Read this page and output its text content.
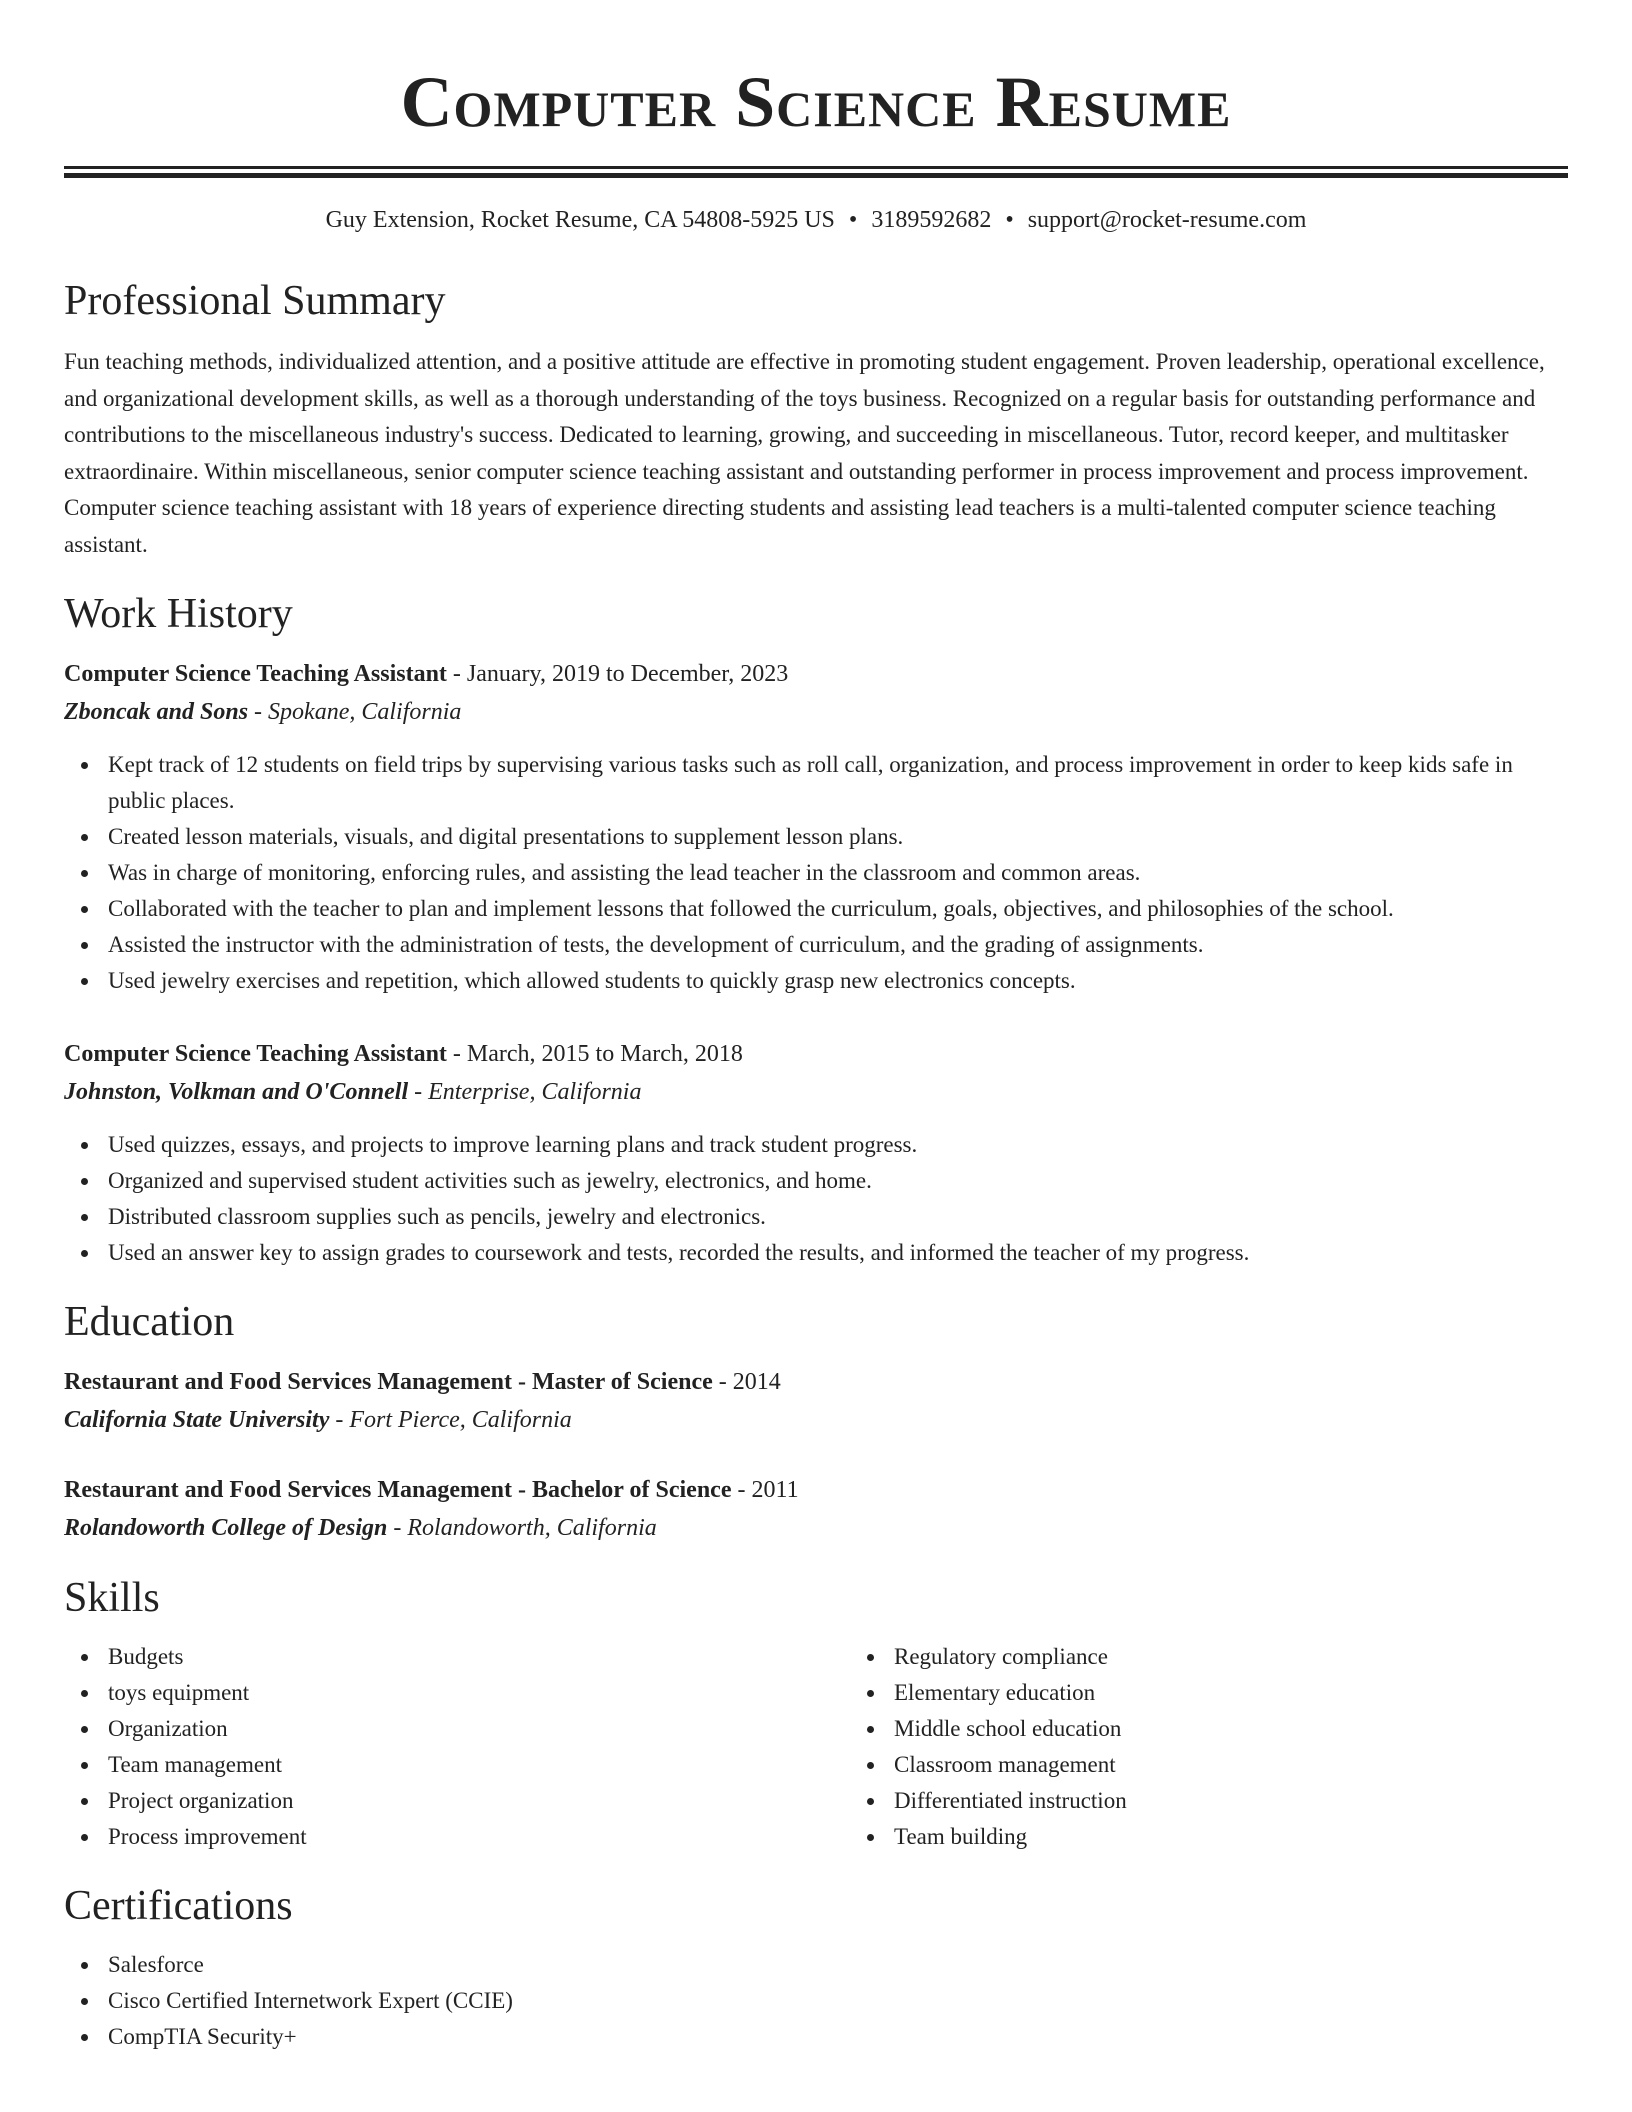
Computer Science Resume
Guy Extension, Rocket Resume, CA 54808-5925 US • 3189592682 • support@rocket-resume.com
Professional Summary

Fun teaching methods, individualized attention, and a positive attitude are effective in promoting student engagement. Proven leadership, operational excellence, and organizational development skills, as well as a thorough understanding of the toys business. Recognized on a regular basis for outstanding performance and contributions to the miscellaneous industry's success. Dedicated to learning, growing, and succeeding in miscellaneous. Tutor, record keeper, and multitasker extraordinaire. Within miscellaneous, senior computer science teaching assistant and outstanding performer in process improvement and process improvement. Computer science teaching assistant with 18 years of experience directing students and assisting lead teachers is a multi-talented computer science teaching assistant.

Work History
Computer Science Teaching Assistant - January, 2019 to December, 2023
Zboncak and Sons - Spokane, California
Kept track of 12 students on field trips by supervising various tasks such as roll call, organization, and process improvement in order to keep kids safe in public places.
Created lesson materials, visuals, and digital presentations to supplement lesson plans.
Was in charge of monitoring, enforcing rules, and assisting the lead teacher in the classroom and common areas.
Collaborated with the teacher to plan and implement lessons that followed the curriculum, goals, objectives, and philosophies of the school.
Assisted the instructor with the administration of tests, the development of curriculum, and the grading of assignments.
Used jewelry exercises and repetition, which allowed students to quickly grasp new electronics concepts.
Computer Science Teaching Assistant - March, 2015 to March, 2018
Johnston, Volkman and O'Connell - Enterprise, California
Used quizzes, essays, and projects to improve learning plans and track student progress.
Organized and supervised student activities such as jewelry, electronics, and home.
Distributed classroom supplies such as pencils, jewelry and electronics.
Used an answer key to assign grades to coursework and tests, recorded the results, and informed the teacher of my progress.
Education
Restaurant and Food Services Management - Master of Science - 2014
California State University - Fort Pierce, California
Restaurant and Food Services Management - Bachelor of Science - 2011
Rolandoworth College of Design - Rolandoworth, California
Skills
Budgets
toys equipment
Organization
Team management
Project organization
Process improvement
Regulatory compliance
Elementary education
Middle school education
Classroom management
Differentiated instruction
Team building
Certifications
Salesforce
Cisco Certified Internetwork Expert (CCIE)
CompTIA Security+
